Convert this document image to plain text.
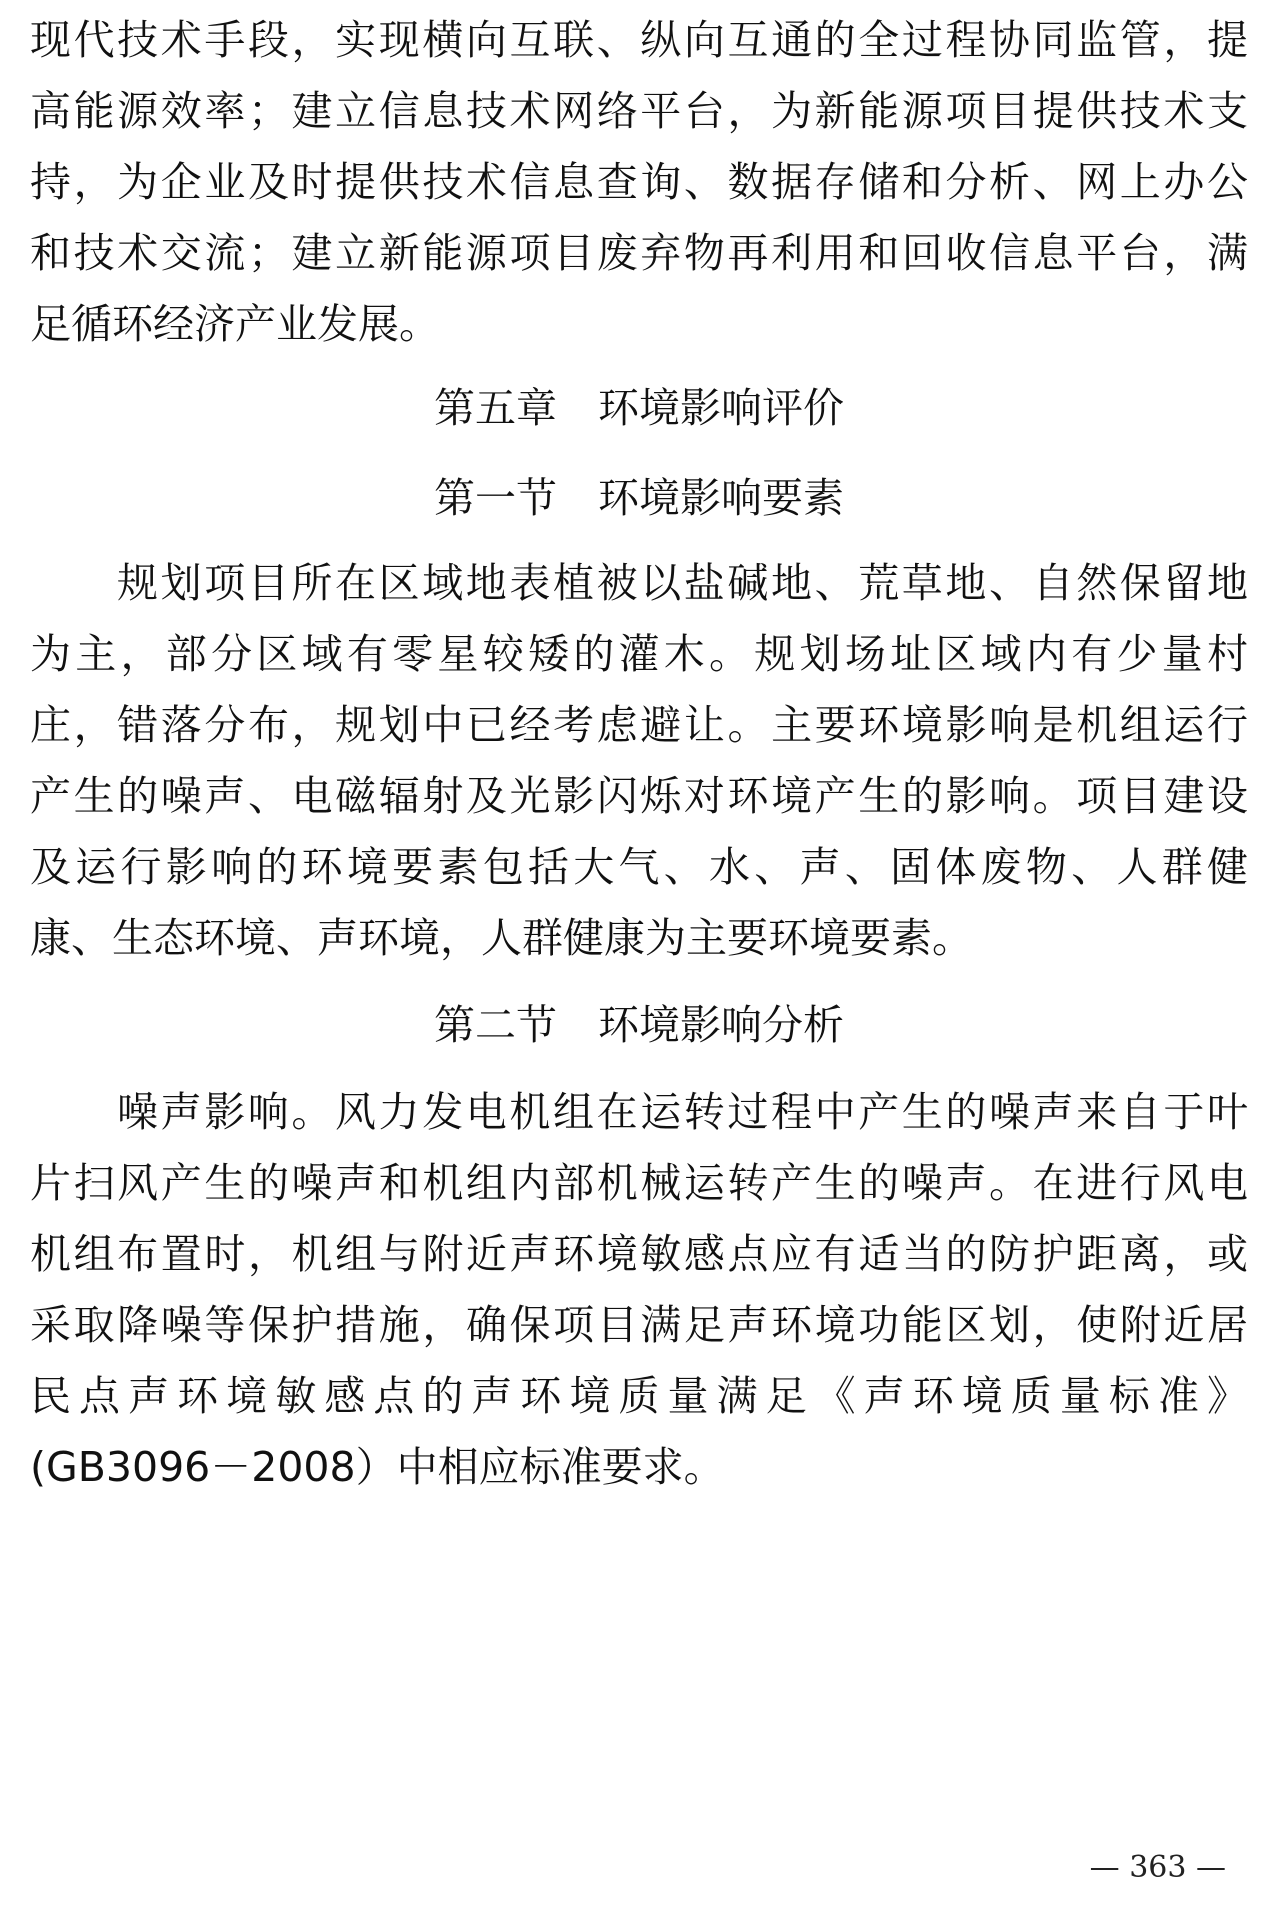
现代技术手段，实现横向互联、纵向互通的全过程协同监管，提
高能源效率；建立信息技术网络平台，为新能源项目提供技术支
持，为企业及时提供技术信息查询、数据存储和分析、网上办公
和技术交流；建立新能源项目废弃物再利用和回收信息平台，满
足循环经济产业发展。
第五章　环境影响评价
第一节　环境影响要素
规划项目所在区域地表植被以盐碱地、荒草地、自然保留地
为主，部分区域有零星较矮的灌木。规划场址区域内有少量村
庄，错落分布，规划中已经考虑避让。主要环境影响是机组运行
产生的噪声、电磁辐射及光影闪烁对环境产生的影响。项目建设
及运行影响的环境要素包括大气、水、声、固体废物、人群健
康、生态环境、声环境，人群健康为主要环境要素。
第二节　环境影响分析
噪声影响。风力发电机组在运转过程中产生的噪声来自于叶
片扫风产生的噪声和机组内部机械运转产生的噪声。在进行风电
机组布置时，机组与附近声环境敏感点应有适当的防护距离，或
采取降噪等保护措施，确保项目满足声环境功能区划，使附近居
民点声环境敏感点的声环境质量满足《声环境质量标准》
(GB3096－2008）中相应标准要求。
— 363 —
